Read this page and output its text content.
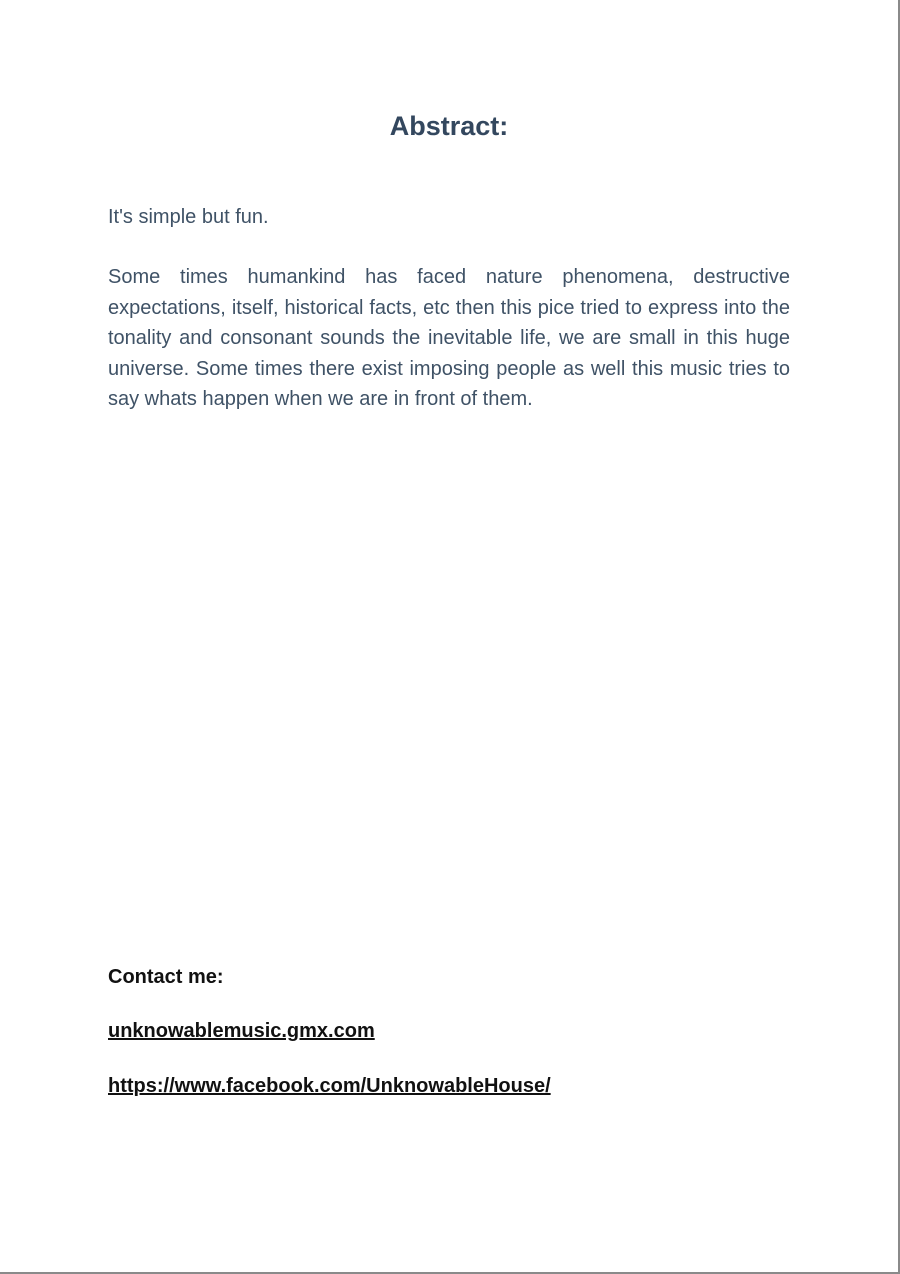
Abstract:

It's simple but fun.

Some times humankind has faced nature phenomena, destructive expectations, itself, historical facts, etc then this pice tried to express into the tonality and consonant sounds the inevitable life, we are small in this huge universe. Some times there exist imposing people as well this music tries to say whats happen when we are in front of them.

Contact me:

unknowablemusic.gmx.com
https://www.facebook.com/UnknowableHouse/
